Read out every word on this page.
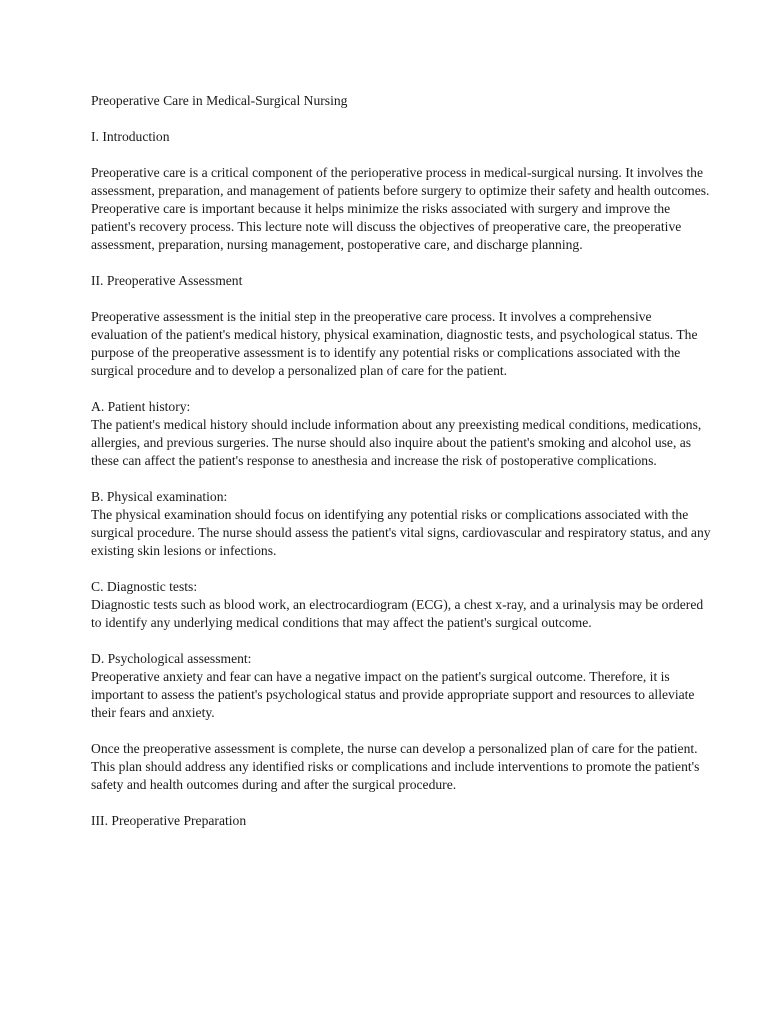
Preoperative Care in Medical-Surgical Nursing

I. Introduction

Preoperative care is a critical component of the perioperative process in medical-surgical nursing. It involves the assessment, preparation, and management of patients before surgery to optimize their safety and health outcomes. Preoperative care is important because it helps minimize the risks associated with surgery and improve the patient's recovery process. This lecture note will discuss the objectives of preoperative care, the preoperative assessment, preparation, nursing management, postoperative care, and discharge planning.

II. Preoperative Assessment

Preoperative assessment is the initial step in the preoperative care process. It involves a comprehensive evaluation of the patient's medical history, physical examination, diagnostic tests, and psychological status. The purpose of the preoperative assessment is to identify any potential risks or complications associated with the surgical procedure and to develop a personalized plan of care for the patient.

A. Patient history:

The patient's medical history should include information about any preexisting medical conditions, medications, allergies, and previous surgeries. The nurse should also inquire about the patient's smoking and alcohol use, as these can affect the patient's response to anesthesia and increase the risk of postoperative complications.

B. Physical examination:

The physical examination should focus on identifying any potential risks or complications associated with the surgical procedure. The nurse should assess the patient's vital signs, cardiovascular and respiratory status, and any existing skin lesions or infections.

C. Diagnostic tests:

Diagnostic tests such as blood work, an electrocardiogram (ECG), a chest x-ray, and a urinalysis may be ordered to identify any underlying medical conditions that may affect the patient's surgical outcome.

D. Psychological assessment:

Preoperative anxiety and fear can have a negative impact on the patient's surgical outcome. Therefore, it is important to assess the patient's psychological status and provide appropriate support and resources to alleviate their fears and anxiety.

Once the preoperative assessment is complete, the nurse can develop a personalized plan of care for the patient. This plan should address any identified risks or complications and include interventions to promote the patient's safety and health outcomes during and after the surgical procedure.

III. Preoperative Preparation
